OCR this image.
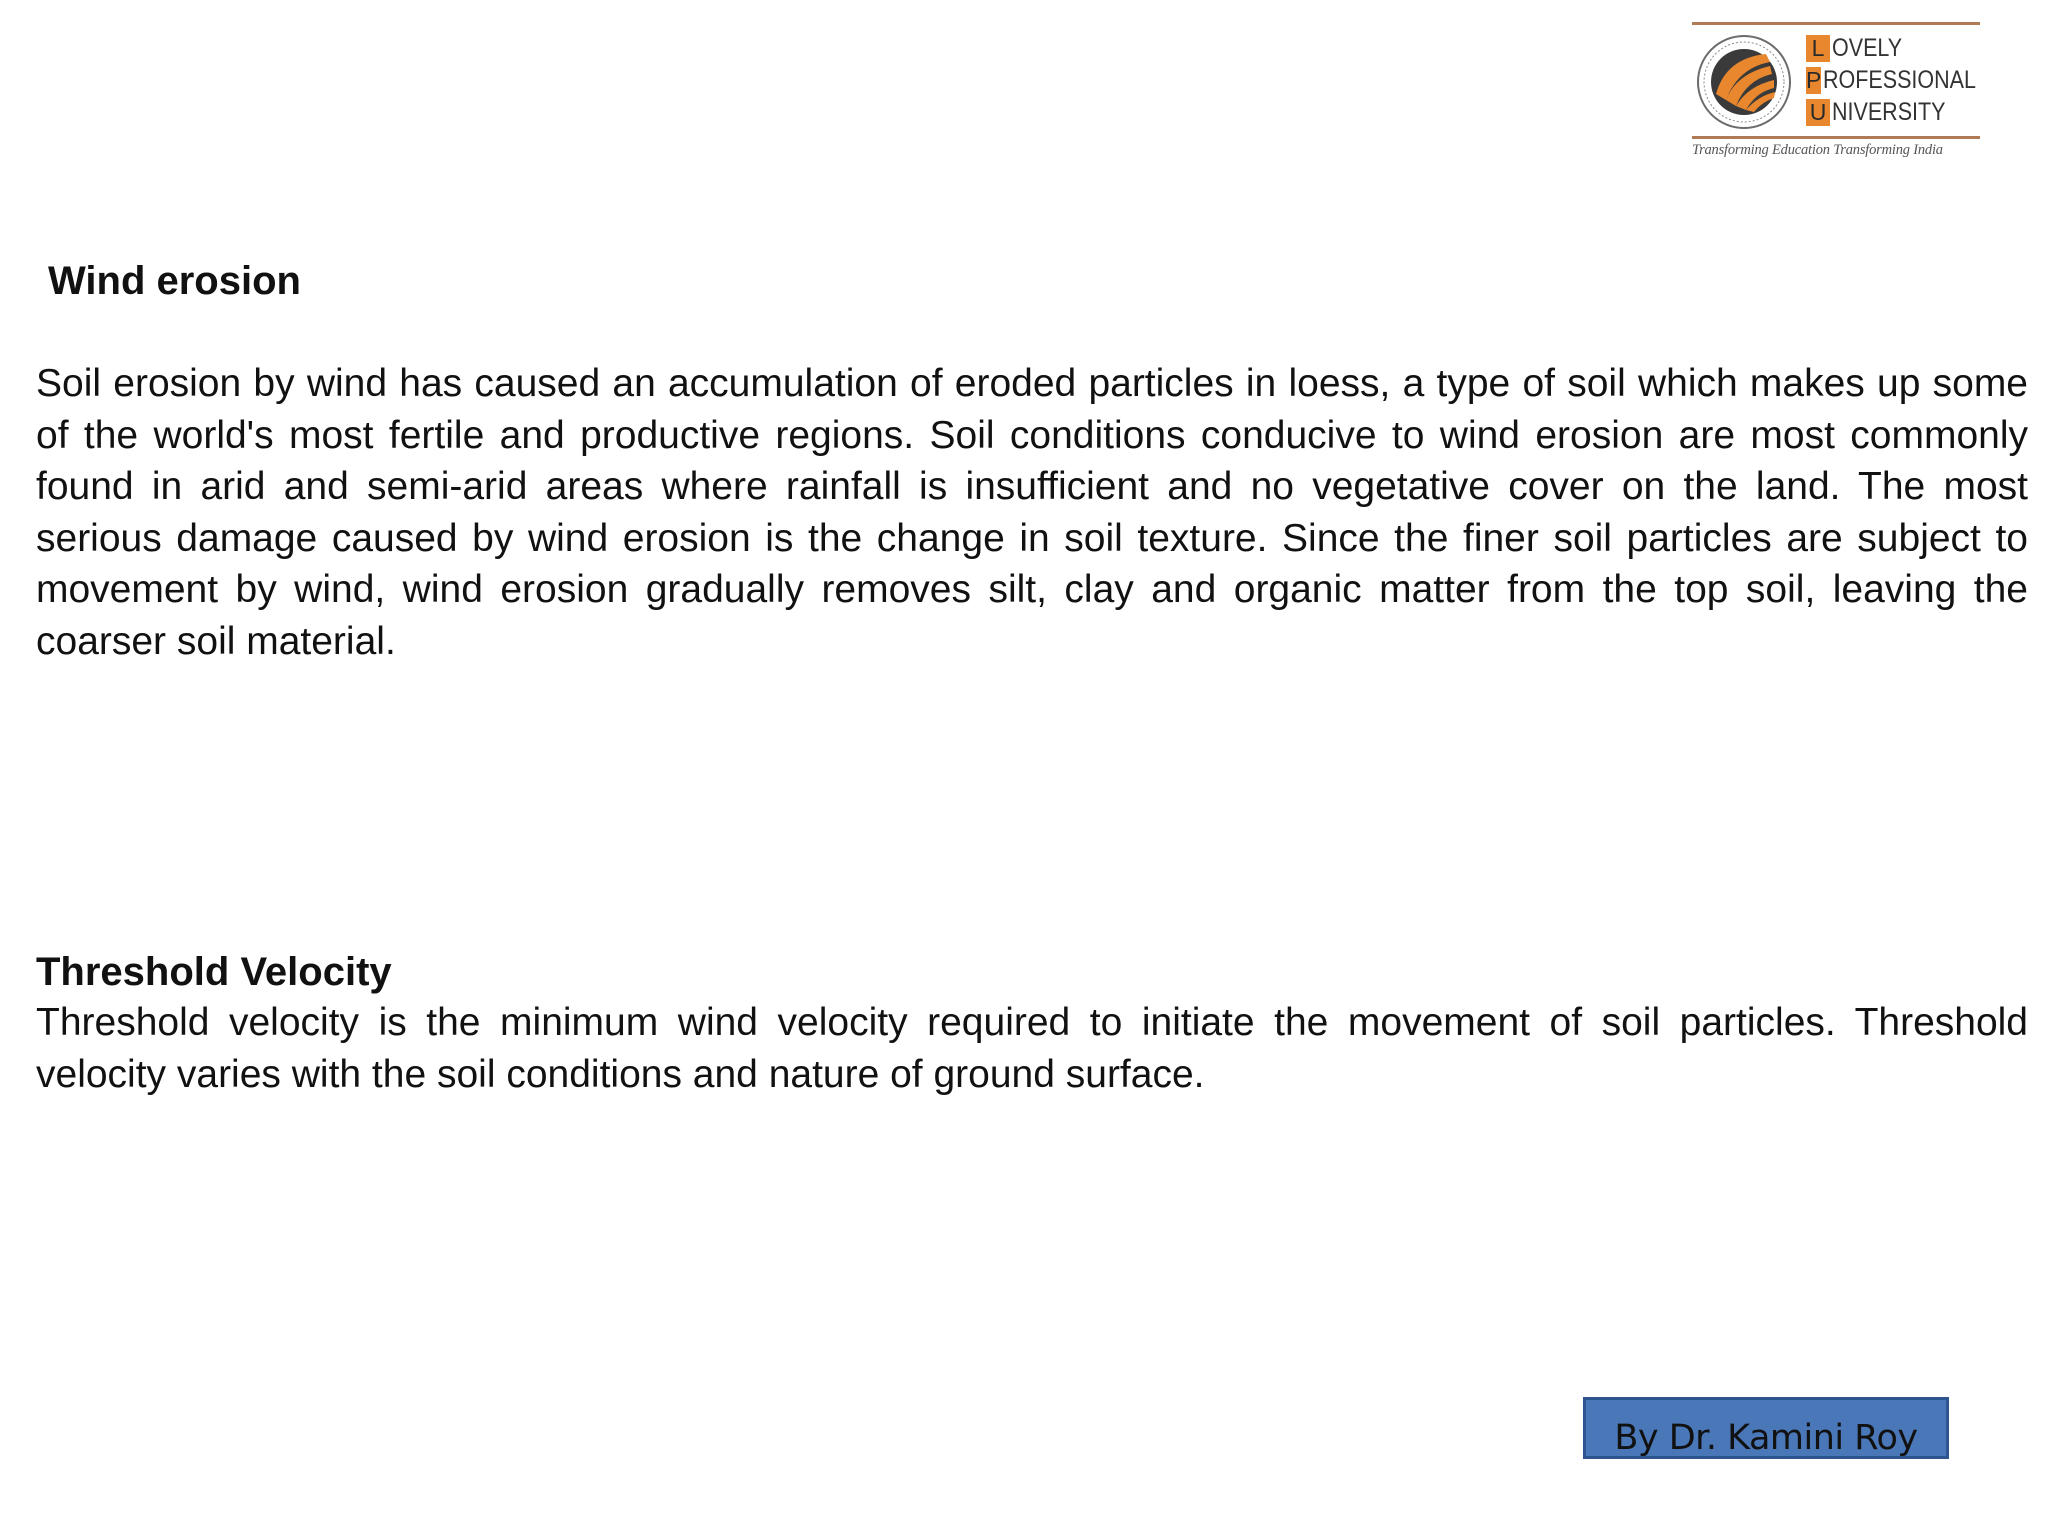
L OVELY
P ROFESSIONAL
U NIVERSITY
Transforming Education Transforming India
Wind erosion

Soil erosion by wind has caused an accumulation of eroded particles in loess, a type of soil which makes up some of the world's most fertile and productive regions. Soil conditions conducive to wind erosion are most commonly found in arid and semi-arid areas where rainfall is insufficient and no vegetative cover on the land. The most serious damage caused by wind erosion is the change in soil texture. Since the finer soil particles are subject to movement by wind, wind erosion gradually removes silt, clay and organic matter from the top soil, leaving the coarser soil material.

Threshold Velocity

Threshold velocity is the minimum wind velocity required to initiate the movement of soil particles. Threshold velocity varies with the soil conditions and nature of ground surface.

By Dr. Kamini Roy
